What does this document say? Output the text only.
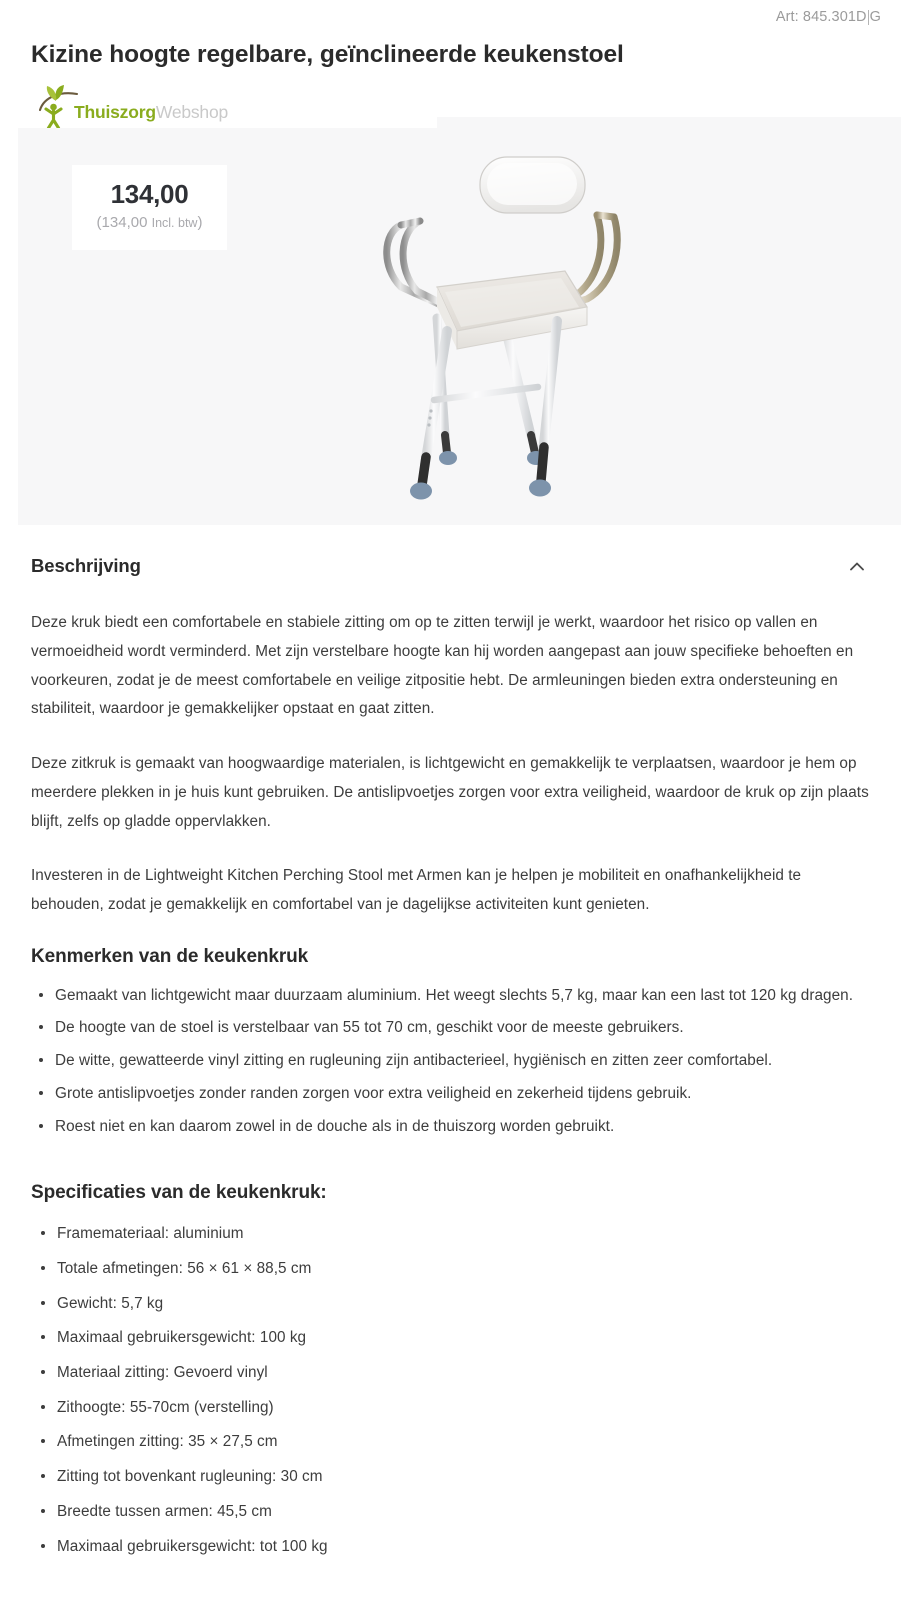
Art: 845.301D G
Kizine hoogte regelbare, geïnclineerde keukenstoel
ThuiszorgWebshop
134,00
(134,00 Incl. btw)
Beschrijving

Deze kruk biedt een comfortabele en stabiele zitting om op te zitten terwijl je werkt, waardoor het risico op vallen en vermoeidheid wordt verminderd. Met zijn verstelbare hoogte kan hij worden aangepast aan jouw specifieke behoeften en voorkeuren, zodat je de meest comfortabele en veilige zitpositie hebt. De armleuningen bieden extra ondersteuning en stabiliteit, waardoor je gemakkelijker opstaat en gaat zitten.

Deze zitkruk is gemaakt van hoogwaardige materialen, is lichtgewicht en gemakkelijk te verplaatsen, waardoor je hem op meerdere plekken in je huis kunt gebruiken. De antislipvoetjes zorgen voor extra veiligheid, waardoor de kruk op zijn plaats blijft, zelfs op gladde oppervlakken.

Investeren in de Lightweight Kitchen Perching Stool met Armen kan je helpen je mobiliteit en onafhankelijkheid te behouden, zodat je gemakkelijk en comfortabel van je dagelijkse activiteiten kunt genieten.

Kenmerken van de keukenkruk
Gemaakt van lichtgewicht maar duurzaam aluminium. Het weegt slechts 5,7 kg, maar kan een last tot 120 kg dragen.
De hoogte van de stoel is verstelbaar van 55 tot 70 cm, geschikt voor de meeste gebruikers.
De witte, gewatteerde vinyl zitting en rugleuning zijn antibacterieel, hygiënisch en zitten zeer comfortabel.
Grote antislipvoetjes zonder randen zorgen voor extra veiligheid en zekerheid tijdens gebruik.
Roest niet en kan daarom zowel in de douche als in de thuiszorg worden gebruikt.
Specificaties van de keukenkruk:
Framemateriaal: aluminium
Totale afmetingen: 56 × 61 × 88,5 cm
Gewicht: 5,7 kg
Maximaal gebruikersgewicht: 100 kg
Materiaal zitting: Gevoerd vinyl
Zithoogte: 55-70cm (verstelling)
Afmetingen zitting: 35 × 27,5 cm
Zitting tot bovenkant rugleuning: 30 cm
Breedte tussen armen: 45,5 cm
Maximaal gebruikersgewicht: tot 100 kg
